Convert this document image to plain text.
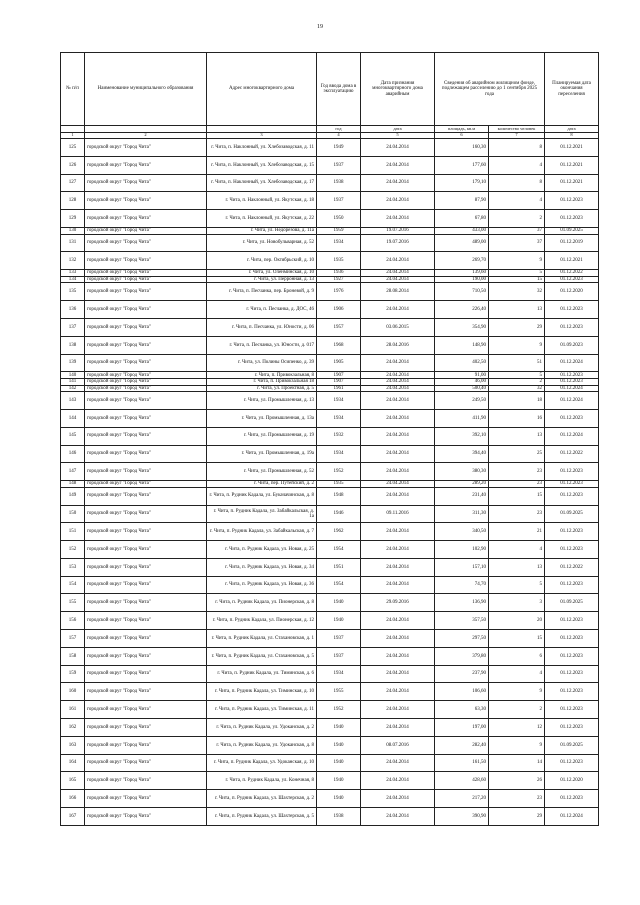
19
№ п/п	Наименование муниципального образования	Адрес многоквартирного дома	Год ввода дома в эксплуатацию	Дата признания многоквартирного дома аварийным	Сведения об аварийном жилищном фонде, подлежащем расселению до 1 сентября 2025 года		Планируемая дата окончания переселения
			год	дата	площадь, кв.м	количество человек	дата
1	2	3	4	5	6	7	8
125	городской округ "Город Чита"	г. Чита, п. Наклонный, ул. Хлебозаводская, д. 11	1949	24.04.2014	160,30	8	01.12.2021
126	городской округ "Город Чита"	г. Чита, п. Наклонный, ул. Хлебозаводская, д. 15	1937	24.04.2014	177,60	4	01.12.2021
127	городской округ "Город Чита"	г. Чита, п. Наклонный, ул. Хлебозаводская, д. 17	1938	24.04.2014	179,10	8	01.12.2021
128	городской округ "Город Чита"	г. Чита, п. Наклонный, ул. Якутская, д. 18	1937	24.04.2014	87,90	4	01.12.2023
129	городской округ "Город Чита"	г. Чита, п. Наклонный, ул. Якутская, д. 22	1950	24.04.2014	67,80	2	01.12.2023
130	городской округ "Город Чита"	г. Чита, ул. Недорезова, д. 11а	1959	19.07.2016	433,00	37	01.09.2025
131	городской округ "Город Чита"	г. Чита, ул. Новобульварная, д. 52	1934	19.07.2016	489,00	37	01.12.2019
132	городской округ "Город Чита"	г. Чита, пер. Октябрьский, д. 10	1935	24.04.2014	269,70	9	01.12.2021
133	городской округ "Город Чита"	г. Чита, ул. Оленминская, д. 10	1936	24.04.2014	139,60	5	01.12.2022
134	городской округ "Город Чита"	г. Чита, ул. Перронная, д. 13	1927	24.04.2014	190,00	15	01.12.2023
135	городской округ "Город Чита"	г. Чита, п. Песчанка, пер. Броневой, д. 9	1976	28.08.2014	710,50	32	01.12.2020
136	городской округ "Город Чита"	г. Чита, п. Песчанка, д. ДОС, 46	1906	24.04.2014	226,40	13	01.12.2023
137	городской округ "Город Чита"	г. Чита, п. Песчанка, ул. Юности, д. 06	1957	03.06.2015	354,90	29	01.12.2023
138	городской округ "Город Чита"	г. Чита, п. Песчанка, ул. Юности, д. 017	1968	28.04.2016	148,90	9	01.09.2023
139	городской округ "Город Чита"	г. Чита, ул. Полины Осипенко, д. 39	1905	24.04.2014	402,50	51	01.12.2024
140	городской округ "Город Чита"	г. Чита, п. Привокзальная, 8	1907	24.04.2014	91,00	5	01.12.2023
141	городской округ "Город Чита"	г. Чита, п. Привокзальная 18	1907	24.04.2014	46,00	2	01.12.2023
142	городской округ "Город Чита"	г. Чита, ул. Проектная, д. 5	1961	24.04.2014	500,40	32	01.12.2024
143	городской округ "Город Чита"	г. Чита, ул. Промышленная, д. 13	1934	24.04.2014	249,50	18	01.12.2024
144	городской округ "Город Чита"	г. Чита, ул. Промышленная, д. 13а	1934	24.04.2014	411,90	16	01.12.2023
145	городской округ "Город Чита"	г. Чита, ул. Промышленная, д. 19	1932	24.04.2014	392,10	13	01.12.2024
146	городской округ "Город Чита"	г. Чита, ул. Промышленная, д. 19а	1934	24.04.2014	394,40	25	01.12.2022
147	городской округ "Город Чита"	г. Чита, ул. Промышленная, д. 52	1952	24.04.2014	380,30	23	01.12.2023
148	городской округ "Город Чита"	г. Чита, пер. Путейский, д. 2	1935	24.04.2014	289,20	23	01.12.2023
149	городской округ "Город Чита"	г. Чита, п. Рудник Кадала, ул. Букачачинская, д. 8	1948	24.04.2014	231,40	15	01.12.2023
150	городской округ "Город Чита"	г. Чита, п. Рудник Кадала, ул. Забайкальская, д. 1а	1946	09.11.2016	311,30	23	01.09.2025
151	городской округ "Город Чита"	г. Чита, п. Рудник Кадала, ул. Забайкальская, д. 7	1962	24.04.2014	340,50	21	01.12.2023
152	городской округ "Город Чита"	г. Чита, п. Рудник Кадала, ул. Новая, д. 25	1954	24.04.2014	102,90	4	01.12.2023
153	городской округ "Город Чита"	г. Чита, п. Рудник Кадала, ул. Новая, д. 34	1951	24.04.2014	157,10	13	01.12.2022
154	городской округ "Город Чита"	г. Чита, п. Рудник Кадала, ул. Новая, д. 36	1954	24.04.2014	74,70	5	01.12.2023
155	городской округ "Город Чита"	г. Чита, п. Рудник Кадала, ул. Пионерская, д. 8	1940	29.09.2016	136,90	3	01.09.2025
156	городской округ "Город Чита"	г. Чита, п. Рудник Кадала, ул. Пионерская, д. 12	1940	24.04.2014	357,50	20	01.12.2023
157	городской округ "Город Чита"	г. Чита, п. Рудник Кадала, ул. Стахановская, д. 1	1937	24.04.2014	297,50	15	01.12.2023
158	городской округ "Город Чита"	г. Чита, п. Рудник Кадала, ул. Стахановская, д. 5	1937	24.04.2014	379,80	6	01.12.2023
159	городской округ "Город Чита"	г. Чита, п. Рудник Кадала, ул. Тиминская, д. 6	1934	24.04.2014	237,90	4	01.12.2023
160	городской округ "Город Чита"	г. Чита, п. Рудник Кадала, ул. Тиминская, д. 10	1955	24.04.2014	106,60	9	01.12.2023
161	городской округ "Город Чита"	г. Чита, п. Рудник Кадала, ул. Тиминская, д. 11	1952	24.04.2014	63,30	2	01.12.2023
162	городской округ "Город Чита"	г. Чита, п. Рудник Кадала, ул. Удоканская, д. 2	1940	24.04.2014	197,00	12	01.12.2023
163	городской округ "Город Чита"	г. Чита, п. Рудник Кадала, ул. Удоканская, д. 8	1940	08.07.2016	282,40	9	01.09.2025
164	городской округ "Город Чита"	г. Чита, п. Рудник Кадала, ул. Удоканская, д. 10	1940	24.04.2014	161,50	14	01.12.2023
165	городской округ "Город Чита"	г. Чита, п. Рудник Кадала, ул. Конечная, 8	1940	24.04.2014	428,60	26	01.12.2020
166	городской округ "Город Чита"	г. Чита, п. Рудник Кадала, ул. Шахтерская, д. 2	1940	24.04.2014	217,20	23	01.12.2023
167	городской округ "Город Чита"	г. Чита, п. Рудник Кадала, ул. Шахтерская, д. 5	1938	24.04.2014	390,90	29	01.12.2024
